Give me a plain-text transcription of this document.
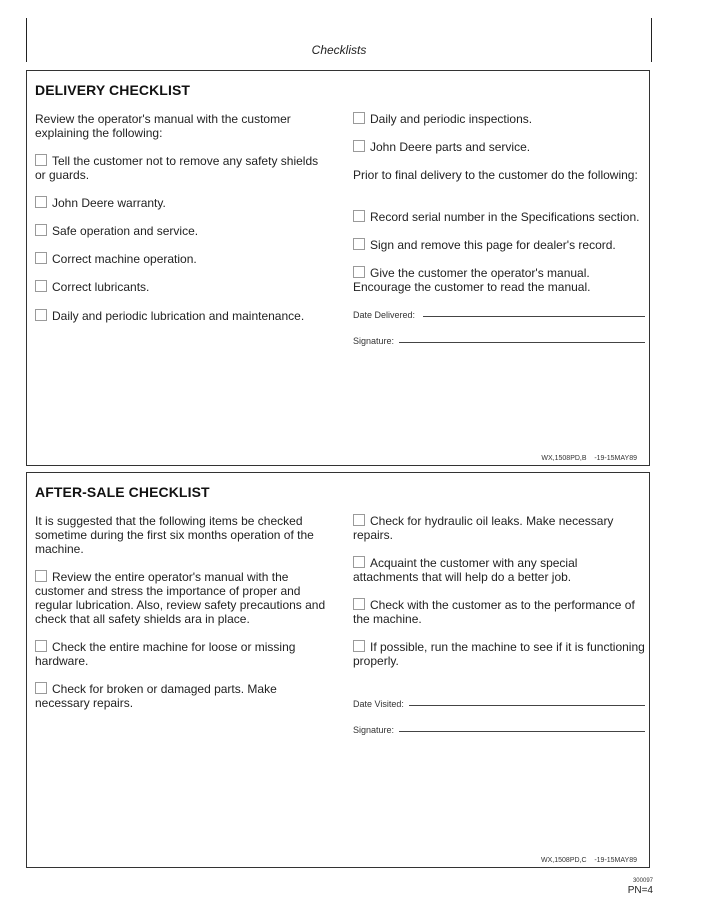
Checklists
DELIVERY CHECKLIST
Review the operator's manual with the customer explaining the following:
Tell the customer not to remove any safety shields or guards.
John Deere warranty.
Safe operation and service.
Correct machine operation.
Correct lubricants.
Daily and periodic lubrication and maintenance.
Daily and periodic inspections.
John Deere parts and service.
Prior to final delivery to the customer do the following:
Record serial number in the Specifications section.
Sign and remove this page for dealer's record.
Give the customer the operator's manual. Encourage the customer to read the manual.
Date Delivered:
Signature:
WX,1508PD,B    -19-15MAY89
AFTER-SALE CHECKLIST
It is suggested that the following items be checked sometime during the first six months operation of the machine.
Review the entire operator's manual with the customer and stress the importance of proper and regular lubrication. Also, review safety precautions and check that all safety shields ara in place.
Check the entire machine for loose or missing hardware.
Check for broken or damaged parts. Make necessary repairs.
Check for hydraulic oil leaks. Make necessary repairs.
Acquaint the customer with any special attachments that will help do a better job.
Check with the customer as to the performance of the machine.
If possible, run the machine to see if it is functioning properly.
Date Visited:
Signature:
WX,1508PD,C    -19-15MAY89
300097
PN=4
